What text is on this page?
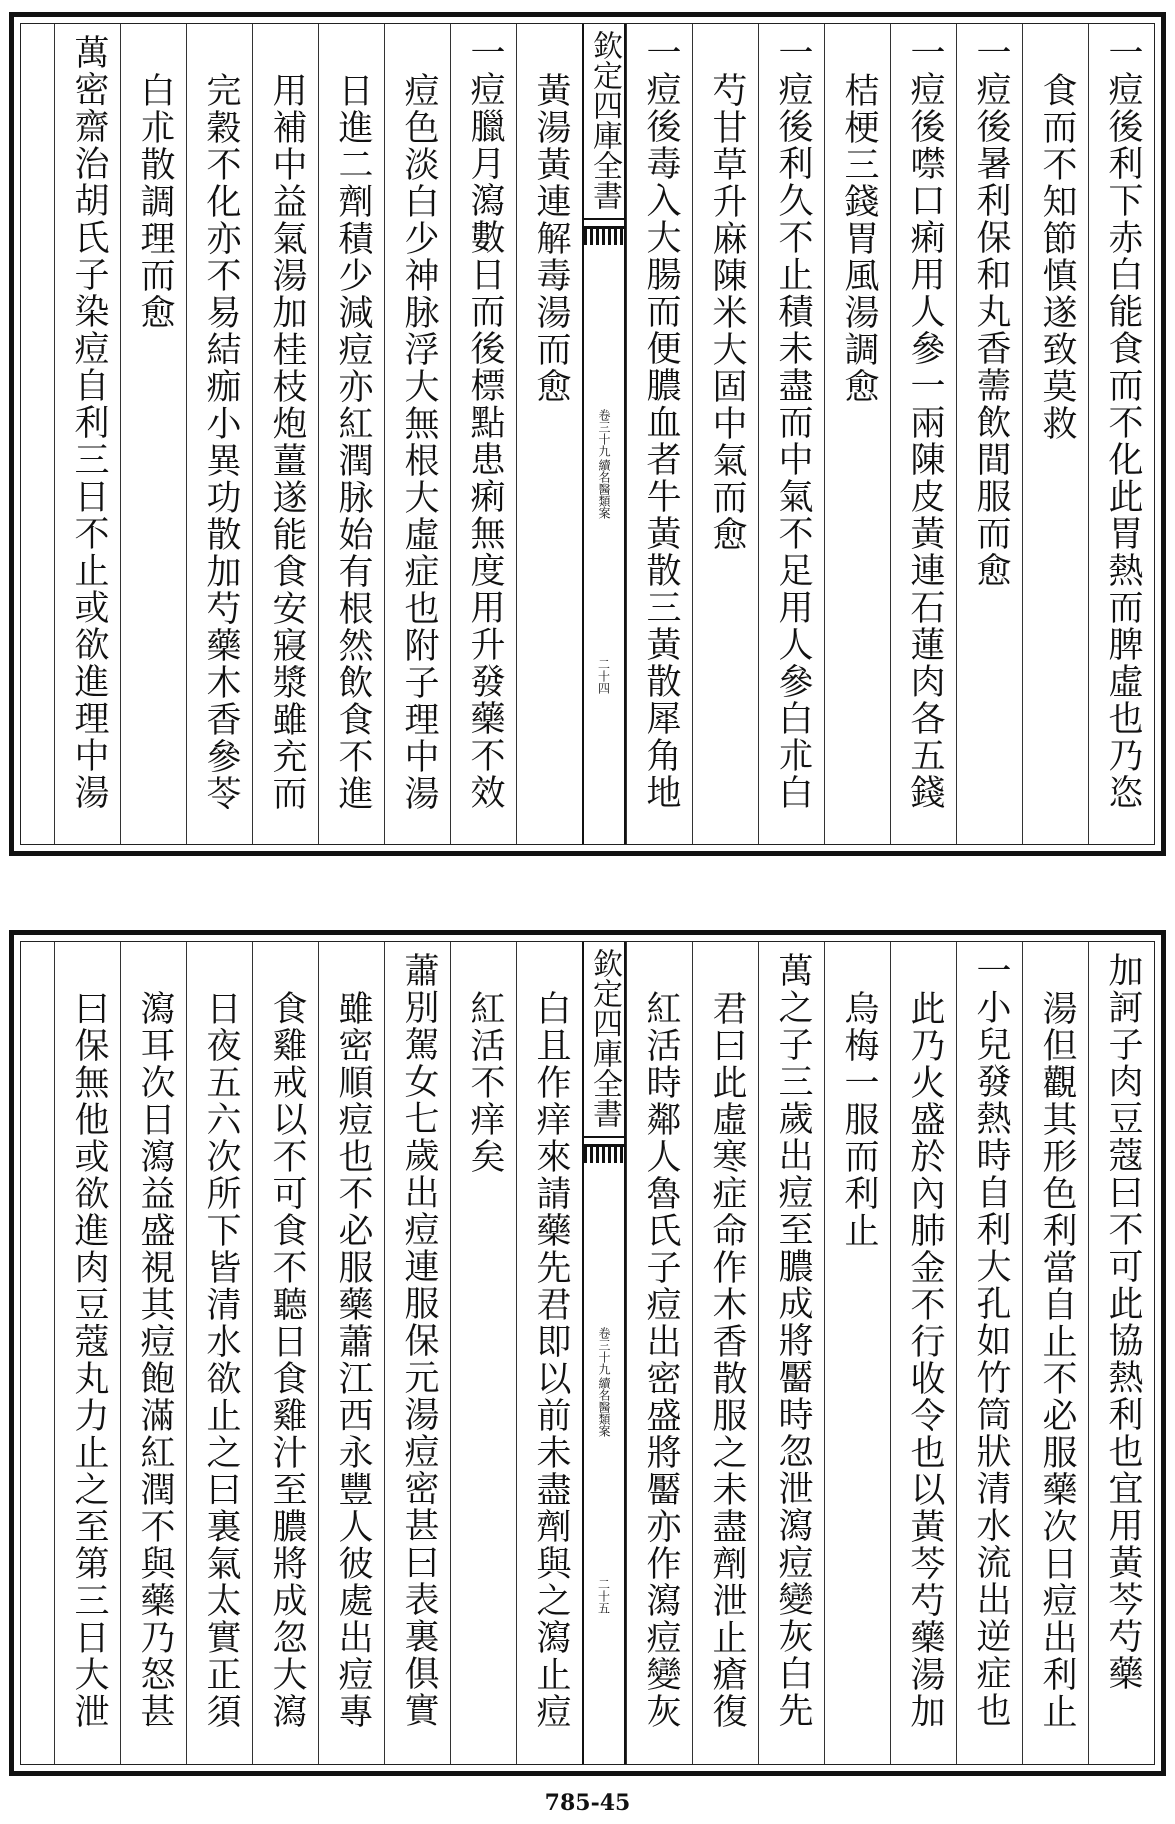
一痘後利下赤白能食而不化此胃熱而脾虛也乃恣
食而不知節慎遂致莫救
一痘後暑利保和丸香薷飲間服而愈
一痘後噤口痢用人參一兩陳皮黃連石蓮肉各五錢
桔梗三錢胃風湯調愈
一痘後利久不止積未盡而中氣不足用人參白朮白
芍甘草升麻陳米大固中氣而愈
一痘後毒入大腸而便膿血者牛黃散三黃散犀角地
欽定四庫全書
續名醫類案
卷三十九
二十四
黃湯黃連解毒湯而愈
一痘臘月瀉數日而後標點患痢無度用升發藥不效
痘色淡白少神脉浮大無根大虛症也附子理中湯
日進二劑積少減痘亦紅潤脉始有根然飲食不進
用補中益氣湯加桂枝炮薑遂能食安寢漿雖充而
完穀不化亦不易結痂小異功散加芍藥木香參苓
白朮散調理而愈
萬密齋治胡氏子染痘自利三日不止或欲進理中湯
加訶子肉豆蔻曰不可此協熱利也宜用黃芩芍藥
湯但觀其形色利當自止不必服藥次日痘出利止
一小兒發熱時自利大孔如竹筒狀清水流出逆症也
此乃火盛於內肺金不行收令也以黃芩芍藥湯加
烏梅一服而利止
萬之子三歲出痘至膿成將靨時忽泄瀉痘變灰白先
君曰此虛寒症命作木香散服之未盡劑泄止瘡復
紅活時鄰人魯氏子痘出密盛將靨亦作瀉痘變灰
欽定四庫全書
續名醫類案
卷三十九
二十五
白且作痒來請藥先君即以前未盡劑與之瀉止痘
紅活不痒矣
蕭別駕女七歲出痘連服保元湯痘密甚曰表裏俱實
雖密順痘也不必服藥蕭江西永豐人彼處出痘專
食雞戒以不可食不聽日食雞汁至膿將成忽大瀉
日夜五六次所下皆清水欲止之曰裏氣太實正須
瀉耳次日瀉益盛視其痘飽滿紅潤不與藥乃怒甚
曰保無他或欲進肉豆蔻丸力止之至第三日大泄
785-45
